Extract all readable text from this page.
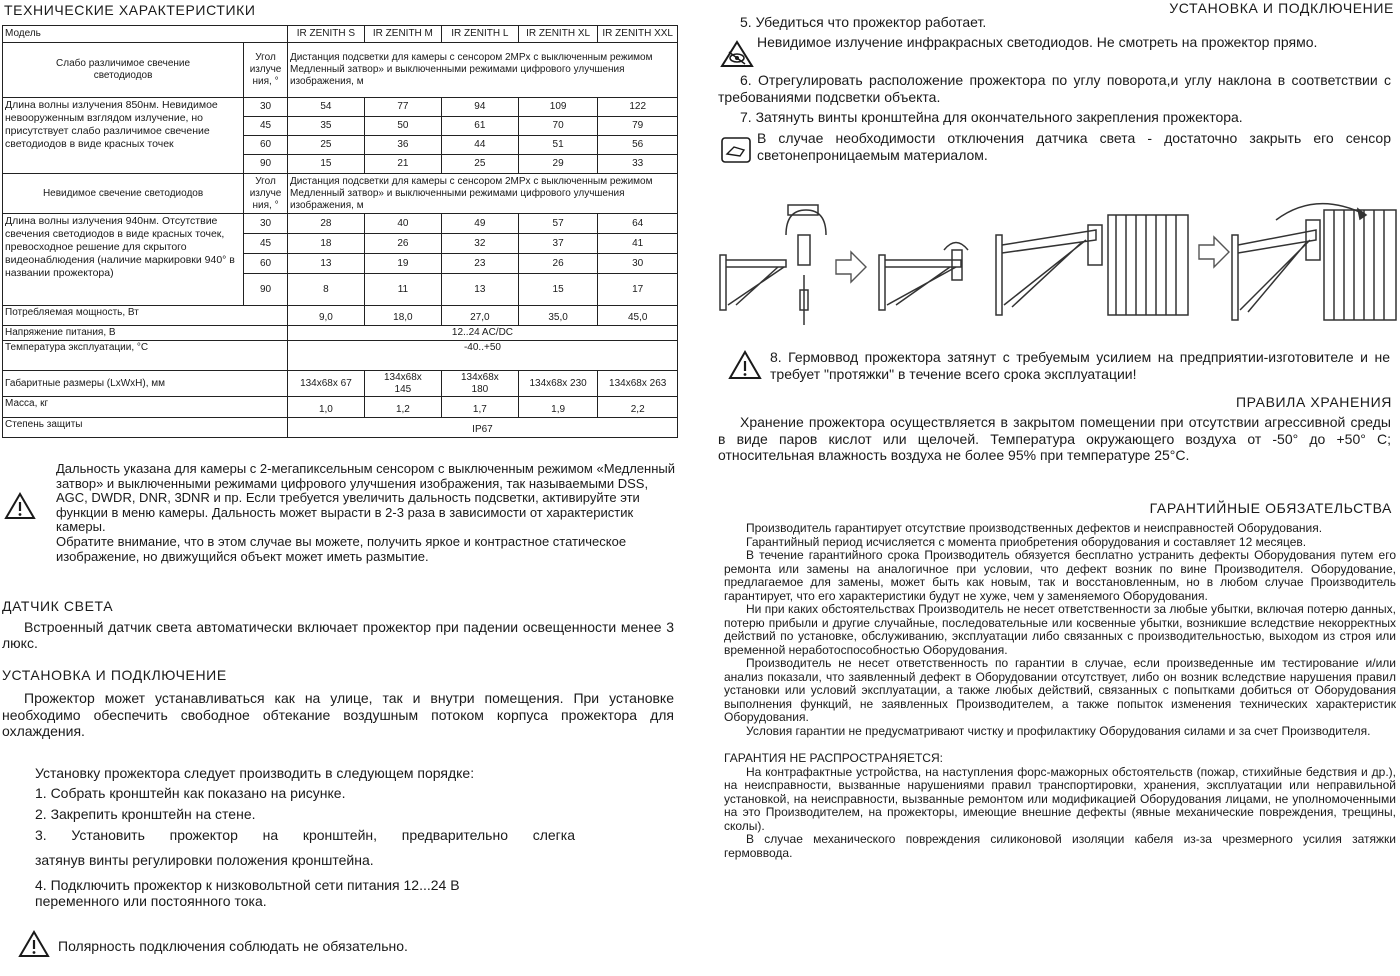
ТЕХНИЧЕСКИЕ ХАРАКТЕРИСТИКИ
Модель		IR ZENITH S	IR ZENITH M	IR ZENITH L	IR ZENITH XL	IR ZENITH XXL
Слабо различимое свечение светодиодов	Угол излуче ния, °	Дистанция подсветки для камеры с сенсором 2MPx с выключенным режимом Медленный затвор» и выключенными режимами цифрового улучшения изображения, м				
Длина волны излучения 850нм. Невидимое невооруженным взглядом излучение, но присутствует слабо различимое свечение светодиодов в виде красных точек	30	54	77	94	109	122
	45	35	50	61	70	79
	60	25	36	44	51	56
	90	15	21	25	29	33
Невидимое свечение светодиодов	Угол излуче ния, °	Дистанция подсветки для камеры с сенсором 2MPx с выключенным режимом Медленный затвор» и выключенными режимами цифрового улучшения изображения, м				
Длина волны излучения 940нм. Отсутствие свечения светодиодов в виде красных точек, превосходное решение для скрытого видеонаблюдения (наличие маркировки 940° в названии прожектора)	30	28	40	49	57	64
	45	18	26	32	37	41
	60	13	19	23	26	30
	90	8	11	13	15	17
Потребляемая мощность, Вт		9,0	18,0	27,0	35,0	45,0
Напряжение питания, В		12..24 AC/DC				
Температура эксплуатации, °С		-40..+50				
Габаритные размеры (LxWxH), мм		134x68x 67	134x68x 145	134x68x 180	134x68x 230	134x68x 263
Масса, кг		1,0	1,2	1,7	1,9	2,2
Степень защиты		IP67				
Дальность указана для камеры с 2-мегапиксельным сенсором с выключенным режимом «Медленный затвор» и выключенными режимами цифрового улучшения изображения, так называемыми DSS, AGC, DWDR, DNR, 3DNR и пр. Если требуется увеличить дальность подсветки, активируйте эти функции в меню камеры. Дальность может вырасти в 2-3 раза в зависимости от характеристик камеры.
Обратите внимание, что в этом случае вы можете, получить яркое и контрастное статическое изображение, но движущийся объект может иметь размытие.
ДАТЧИК СВЕТА
Встроенный датчик света автоматически включает прожектор при падении освещенности менее 3 люкс.
УСТАНОВКА И ПОДКЛЮЧЕНИЕ
Прожектор может устанавливаться как на улице, так и внутри помещения. При установке необходимо обеспечить свободное обтекание воздушным потоком корпуса прожектора для охлаждения.
Установку прожектора следует производить в следующем порядке:
1. Собрать кронштейн как показано на рисунке.
2. Закрепить кронштейн на стене.
3. Установить прожектор на кронштейн, предварительно слегка
затянув винты регулировки положения кронштейна.
4. Подключить прожектор к низковольтной сети питания 12...24 В
переменного или постоянного тока.
Полярность подключения соблюдать не обязательно.
УСТАНОВКА И ПОДКЛЮЧЕНИЕ
5. Убедиться что прожектор работает.
Невидимое излучение инфракрасных светодиодов. Не смотреть на прожектор прямо.
6. Отрегулировать расположение прожектора по углу поворота,и углу наклона в соответствии с требованиями подсветки объекта.
7. Затянуть винты кронштейна для окончательного закрепления прожектора.
В случае необходимости отключения датчика света - достаточно закрыть его сенсор светонепроницаемым материалом.
8. Гермоввод прожектора затянут с требуемым усилием на предприятии-изготовителе и не требует "протяжки" в течение всего срока эксплуатации!
ПРАВИЛА ХРАНЕНИЯ
Хранение прожектора осуществляется в закрытом помещении при отсутствии агрессивной среды в виде паров кислот или щелочей. Температура окружающего воздуха от -50° до +50° С; относительная влажность воздуха не более 95% при температуре 25°С.
ГАРАНТИЙНЫЕ ОБЯЗАТЕЛЬСТВА
Производитель гарантирует отсутствие производственных дефектов и неисправностей Оборудования.
Гарантийный период исчисляется с момента приобретения оборудования и составляет 12 месяцев.
В течение гарантийного срока Производитель обязуется бесплатно устранить дефекты Оборудования путем его ремонта или замены на аналогичное при условии, что дефект возник по вине Производителя. Оборудование, предлагаемое для замены, может быть как новым, так и восстановленным, но в любом случае Производитель гарантирует, что его характеристики будут не хуже, чем у заменяемого Оборудования.
Ни при каких обстоятельствах Производитель не несет ответственности за любые убытки, включая потерю данных, потерю прибыли и другие случайные, последовательные или косвенные убытки, возникшие вследствие некорректных действий по установке, обслуживанию, эксплуатации либо связанных с производительностью, выходом из строя или временной неработоспособностью Оборудования.
Производитель не несет ответственность по гарантии в случае, если произведенные им тестирование и/или анализ показали, что заявленный дефект в Оборудовании отсутствует, либо он возник вследствие нарушения правил установки или условий эксплуатации, а также любых действий, связанных с попытками добиться от Оборудования выполнения функций, не заявленных Производителем, а также попыток изменения технических характеристик Оборудования.
Условия гарантии не предусматривают чистку и профилактику Оборудования силами и за счет Производителя.
ГАРАНТИЯ НЕ РАСПРОСТРАНЯЕТСЯ:
На контрафактные устройства, на наступления форс-мажорных обстоятельств (пожар, стихийные бедствия и др.), на неисправности, вызванные нарушениями правил транспортировки, хранения, эксплуатации или неправильной установкой, на неисправности, вызванные ремонтом или модификацией Оборудования лицами, не уполномоченными на это Производителем, на прожекторы, имеющие внешние дефекты (явные механические повреждения, трещины, сколы).
В случае механического повреждения силиконовой изоляции кабеля из-за чрезмерного усилия затяжки гермоввода.
